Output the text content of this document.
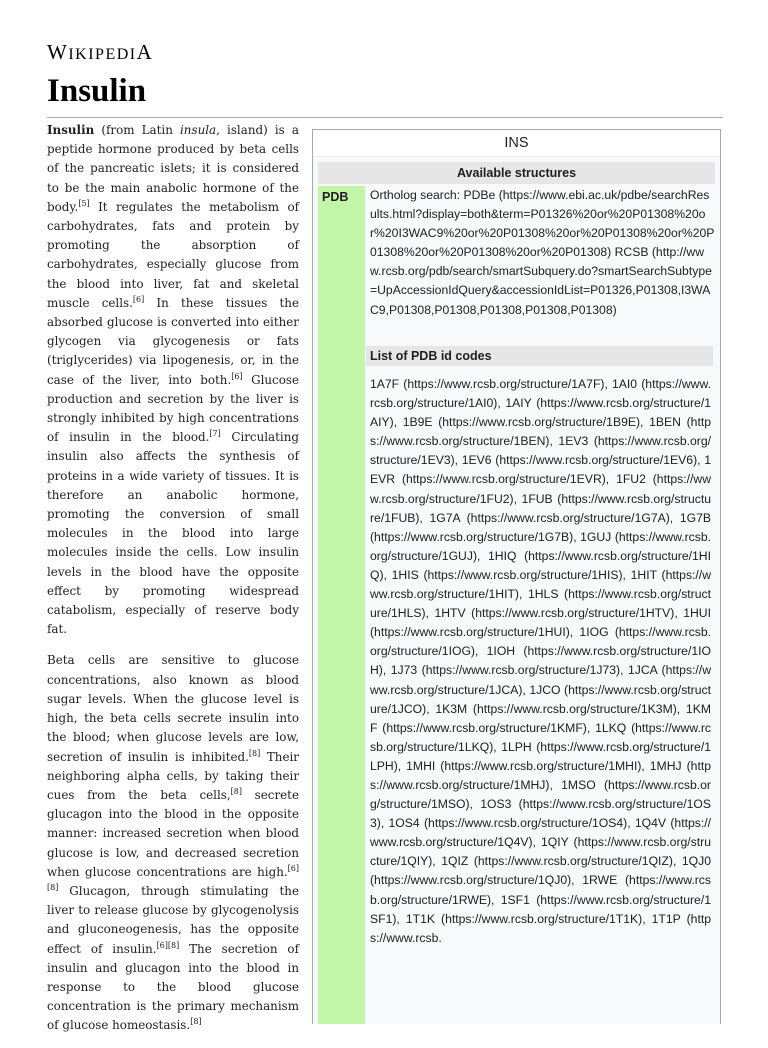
WIKIPEDIA
Insulin

Insulin (from Latin insula, island) is a peptide hormone produced by beta cells of the pancreatic islets; it is considered to be the main anabolic hormone of the body.[5] It regulates the metabolism of carbohydrates, fats and protein by promoting the absorption of carbohydrates, especially glucose from the blood into liver, fat and skeletal muscle cells.[6] In these tissues the absorbed glucose is converted into either glycogen via glycogenesis or fats (triglycerides) via lipogenesis, or, in the case of the liver, into both.[6] Glucose production and secretion by the liver is strongly inhibited by high concentrations of insulin in the blood.[7] Circulating insulin also affects the synthesis of proteins in a wide variety of tissues. It is therefore an anabolic hormone, promoting the conversion of small molecules in the blood into large molecules inside the cells. Low insulin levels in the blood have the opposite effect by promoting widespread catabolism, especially of reserve body fat.

Beta cells are sensitive to glucose concentrations, also known as blood sugar levels. When the glucose level is high, the beta cells secrete insulin into the blood; when glucose levels are low, secretion of insulin is inhibited.[8] Their neighboring alpha cells, by taking their cues from the beta cells,[8] secrete glucagon into the blood in the opposite manner: increased secretion when blood glucose is low, and decreased secretion when glucose concentrations are high.[6][8] Glucagon, through stimulating the liver to release glucose by glycogenolysis and gluconeogenesis, has the opposite effect of insulin.[6][8] The secretion of insulin and glucagon into the blood in response to the blood glucose concentration is the primary mechanism of glucose homeostasis.[8]

INS
Available structures
PDB Ortholog search: PDBe (https://www.ebi.ac.uk/pdbe/searchResults.html?display=both&term=P01326%20or%20P01308%20or%20I3WAC9%20or%20P01308%20or%20P01308%20or%20P01308%20or%20P01308%20or%20P01308) RCSB (http://www.rcsb.org/pdb/search/smartSubquery.do?smartSearchSubtype=UpAccessionIdQuery&accessionIdList=P01326,P01308,I3WAC9,P01308,P01308,P01308,P01308,P01308)
List of PDB id codes
1A7F (https://www.rcsb.org/structure/1A7F), 1AI0 (https://www.rcsb.org/structure/1AI0), 1AIY (https://www.rcsb.org/structure/1AIY), 1B9E (https://www.rcsb.org/structure/1B9E), 1BEN (https://www.rcsb.org/structure/1BEN), 1EV3 (https://www.rcsb.org/structure/1EV3), 1EV6 (https://www.rcsb.org/structure/1EV6), 1EVR (https://www.rcsb.org/structure/1EVR), 1FU2 (https://www.rcsb.org/structure/1FU2), 1FUB (https://www.rcsb.org/structure/1FUB), 1G7A (https://www.rcsb.org/structure/1G7A), 1G7B (https://www.rcsb.org/structure/1G7B), 1GUJ (https://www.rcsb.org/structure/1GUJ), 1HIQ (https://www.rcsb.org/structure/1HIQ), 1HIS (https://www.rcsb.org/structure/1HIS), 1HIT (https://www.rcsb.org/structure/1HIT), 1HLS (https://www.rcsb.org/structure/1HLS), 1HTV (https://www.rcsb.org/structure/1HTV), 1HUI (https://www.rcsb.org/structure/1HUI), 1IOG (https://www.rcsb.org/structure/1IOG), 1IOH (https://www.rcsb.org/structure/1IOH), 1J73 (https://www.rcsb.org/structure/1J73), 1JCA (https://www.rcsb.org/structure/1JCA), 1JCO (https://www.rcsb.org/structure/1JCO), 1K3M (https://www.rcsb.org/structure/1K3M), 1KMF (https://www.rcsb.org/structure/1KMF), 1LKQ (https://www.rcsb.org/structure/1LKQ), 1LPH (https://www.rcsb.org/structure/1LPH), 1MHI (https://www.rcsb.org/structure/1MHI), 1MHJ (https://www.rcsb.org/structure/1MHJ), 1MSO (https://www.rcsb.org/structure/1MSO), 1OS3 (https://www.rcsb.org/structure/1OS3), 1OS4 (https://www.rcsb.org/structure/1OS4), 1Q4V (https://www.rcsb.org/structure/1Q4V), 1QIY (https://www.rcsb.org/structure/1QIY), 1QIZ (https://www.rcsb.org/structure/1QIZ), 1QJ0 (https://www.rcsb.org/structure/1QJ0), 1RWE (https://www.rcsb.org/structure/1RWE), 1SF1 (https://www.rcsb.org/structure/1SF1), 1T1K (https://www.rcsb.org/structure/1T1K), 1T1P (https://www.rcsb.
